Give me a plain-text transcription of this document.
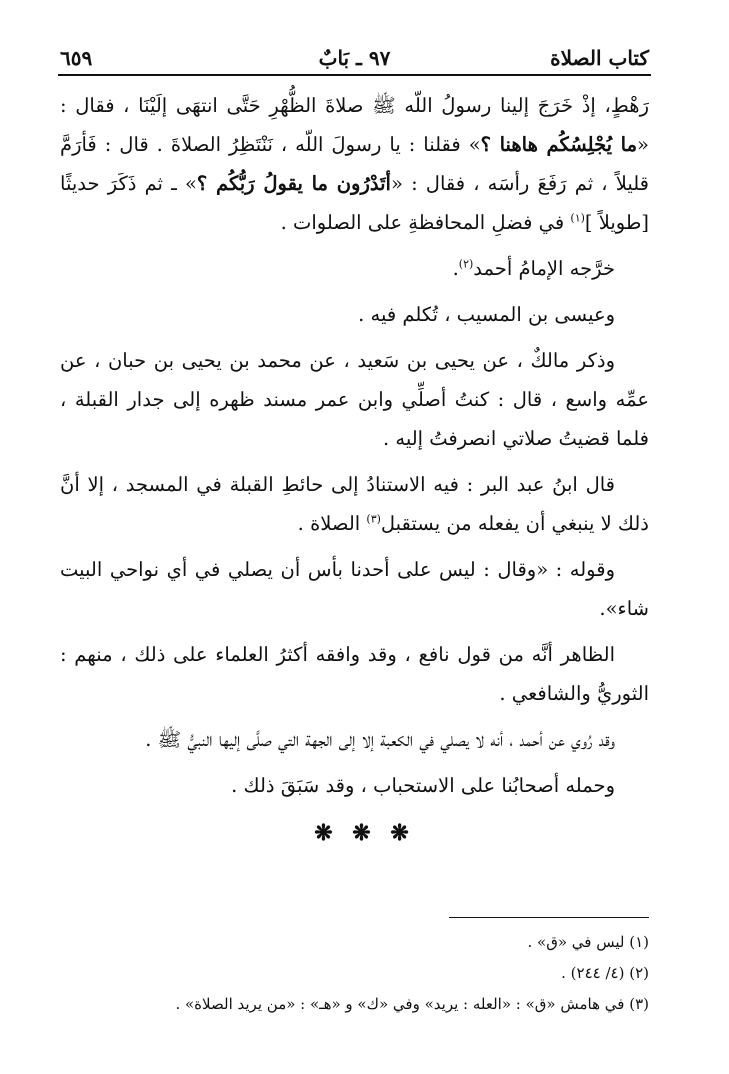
كتاب الصلاة
٩٧ ـ بَابٌ
٦٥٩

رَهْطٍ، إذْ خَرَجَ إلينا رسولُ اللّه ﷺ صلاةَ الظُّهْرِ حَتَّى انتهَى إلَيْنَا ، فقال : «ما يُجْلِسُكُم هاهنا ؟» فقلنا : يا رسولَ اللّه ، نَنْتَظِرُ الصلاةَ . قال : فَأرَمَّ قليلاً ، ثم رَفَعَ رأسَه ، فقال : «أتَدْرُون ما يقولُ رَبُّكُم ؟» ـ ثم ذَكَرَ حديثًا [طويلاً ]$^{(١)}$ في فضلِ المحافظةِ على الصلوات .

خرَّجه الإمامُ أحمد$^{(٢)}$.

وعيسى بن المسيب ، تُكلم فيه .

وذكر مالكٌ ، عن يحيى بن سَعيد ، عن محمد بن يحيى بن حبان ، عن عمِّه واسع ، قال : كنتُ أصلِّي وابن عمر مسند ظهره إلى جدار القبلة ، فلما قضيتُ صلاتي انصرفتُ إليه .

قال ابنُ عبد البر : فيه الاستنادُ إلى حائطِ القبلة في المسجد ، إلا أنَّ ذلك لا ينبغي أن يفعله من يستقبل$^{(٣)}$ الصلاة .

وقوله : «وقال : ليس على أحدنا بأس أن يصلي في أي نواحي البيت شاء».

الظاهر أنَّه من قول نافع ، وقد وافقه أكثرُ العلماء على ذلك ، منهم : الثوريُّ والشافعي .

وقد رُوي عن أحمد ، أنه لا يصلي في الكعبة إلا إلى الجهة التي صلَّى إليها النبيُّ ﷺ .

وحمله أصحابُنا على الاستحباب ، وقد سَبَقَ ذلك .

❋ ❋ ❋
(١) ليس في «ق» .
(٢) (٤/ ٢٤٤) .
(٣) في هامش «ق» : «العله : يريد» وفي «ك» و «هـ» : «من يريد الصلاة» .
